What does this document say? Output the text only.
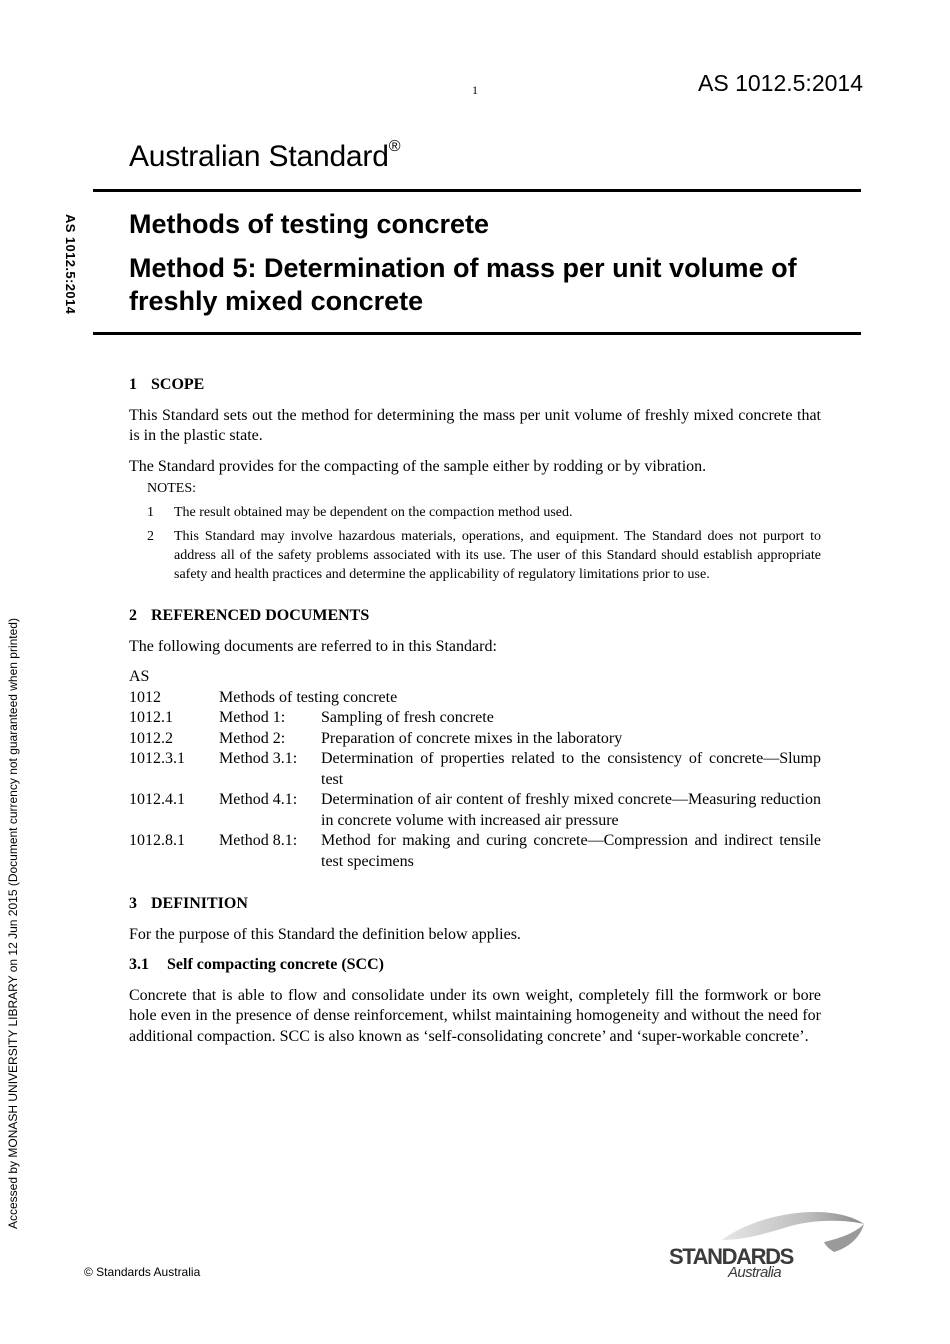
1	AS 1012.5:2014
Australian Standard®
AS 1012.5:2014
Accessed by MONASH UNIVERSITY LIBRARY on 12 Jun 2015 (Document currency not guaranteed when printed)
Methods of testing concrete
Method 5: Determination of mass per unit volume of freshly mixed concrete
1 SCOPE

This Standard sets out the method for determining the mass per unit volume of freshly mixed concrete that is in the plastic state.

The Standard provides for the compacting of the sample either by rodding or by vibration.

NOTES:
1	The result obtained may be dependent on the compaction method used.
2	This Standard may involve hazardous materials, operations, and equipment. The Standard does not purport to address all of the safety problems associated with its use. The user of this Standard should establish appropriate safety and health practices and determine the applicability of regulatory limitations prior to use.
2 REFERENCED DOCUMENTS

The following documents are referred to in this Standard:

AS
1012	Methods of testing concrete
1012.1	Method 1:	Sampling of fresh concrete
1012.2	Method 2:	Preparation of concrete mixes in the laboratory
1012.3.1	Method 3.1:	Determination of properties related to the consistency of concrete—Slump test
1012.4.1	Method 4.1:	Determination of air content of freshly mixed concrete—Measuring reduction in concrete volume with increased air pressure
1012.8.1	Method 8.1:	Method for making and curing concrete—Compression and indirect tensile test specimens
3 DEFINITION

For the purpose of this Standard the definition below applies.

3.1 Self compacting concrete (SCC)

Concrete that is able to flow and consolidate under its own weight, completely fill the formwork or bore hole even in the presence of dense reinforcement, whilst maintaining homogeneity and without the need for additional compaction. SCC is also known as ‘self-consolidating concrete’ and ‘super-workable concrete’.

© Standards Australia
STANDARDS
Australia
